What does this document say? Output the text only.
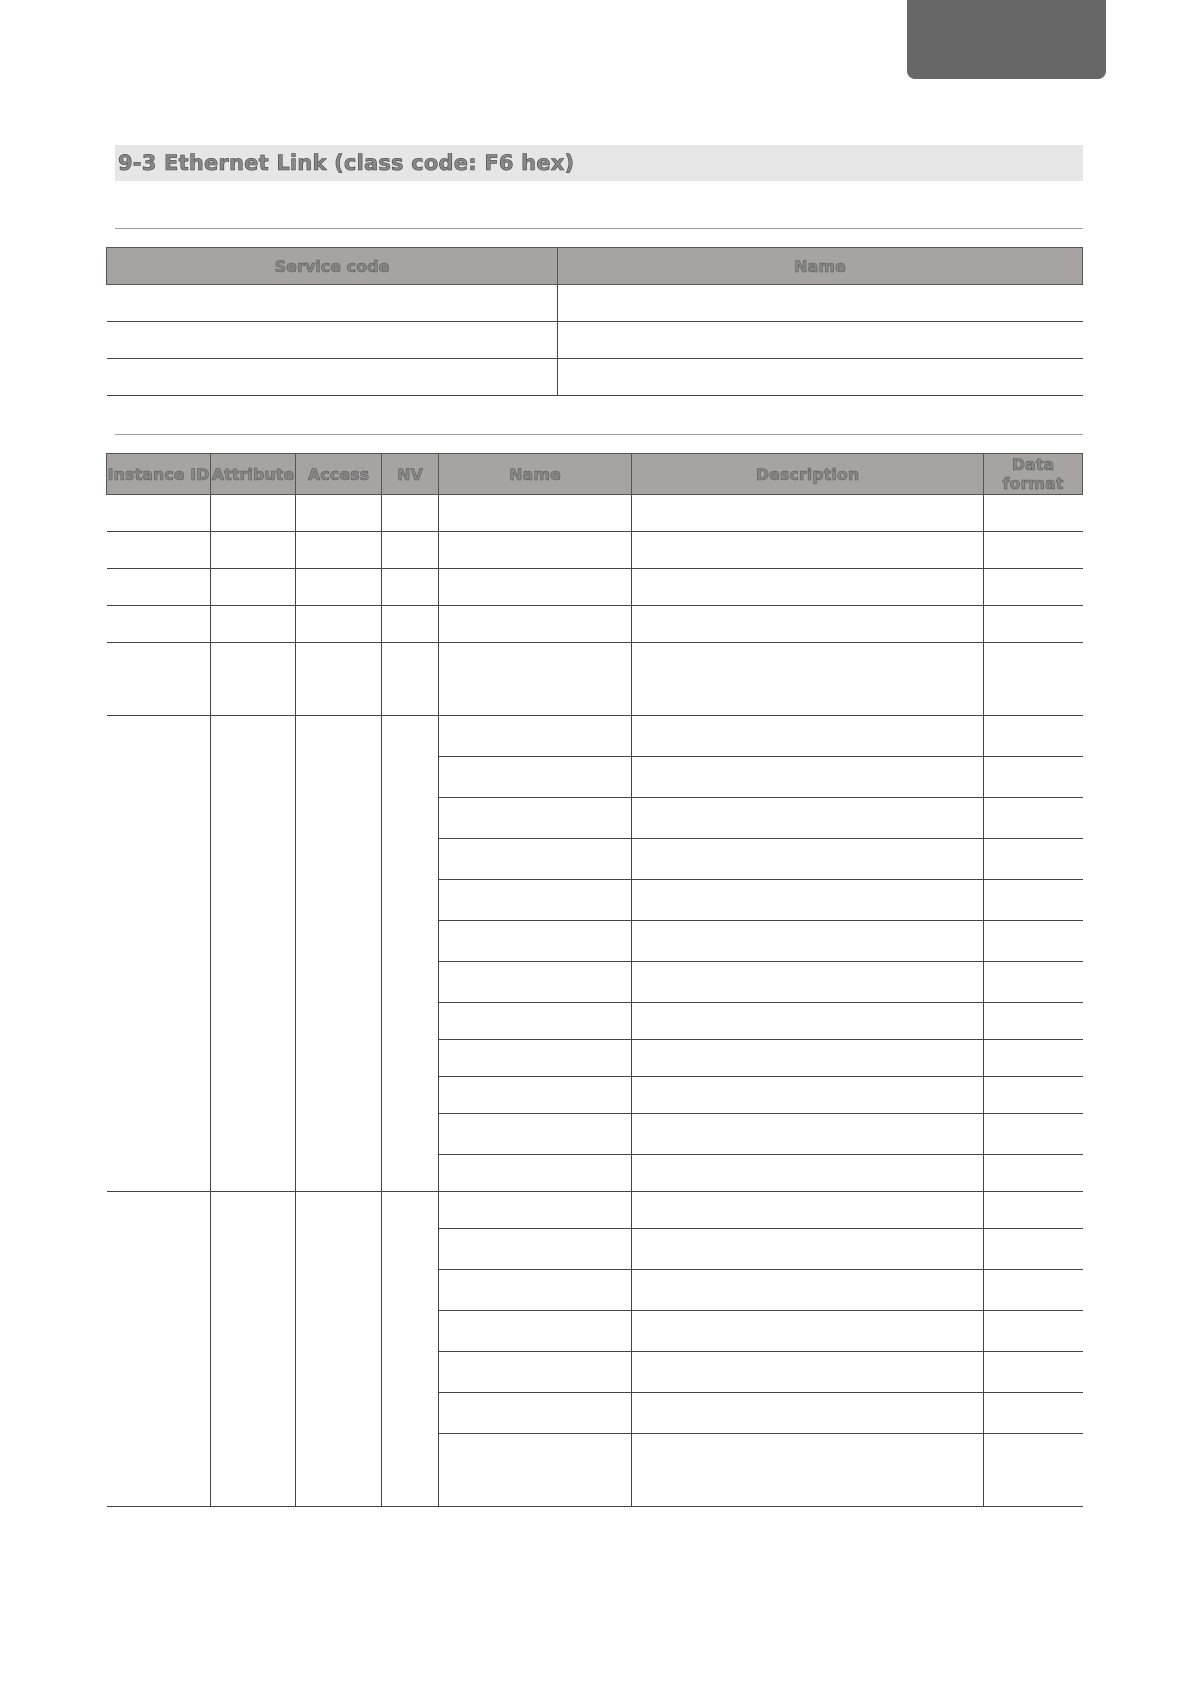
9-3 Ethernet Link (class code: F6 hex)
Service code	Name

Instance ID	Attribute	Access	NV	Name	Description	Data format
